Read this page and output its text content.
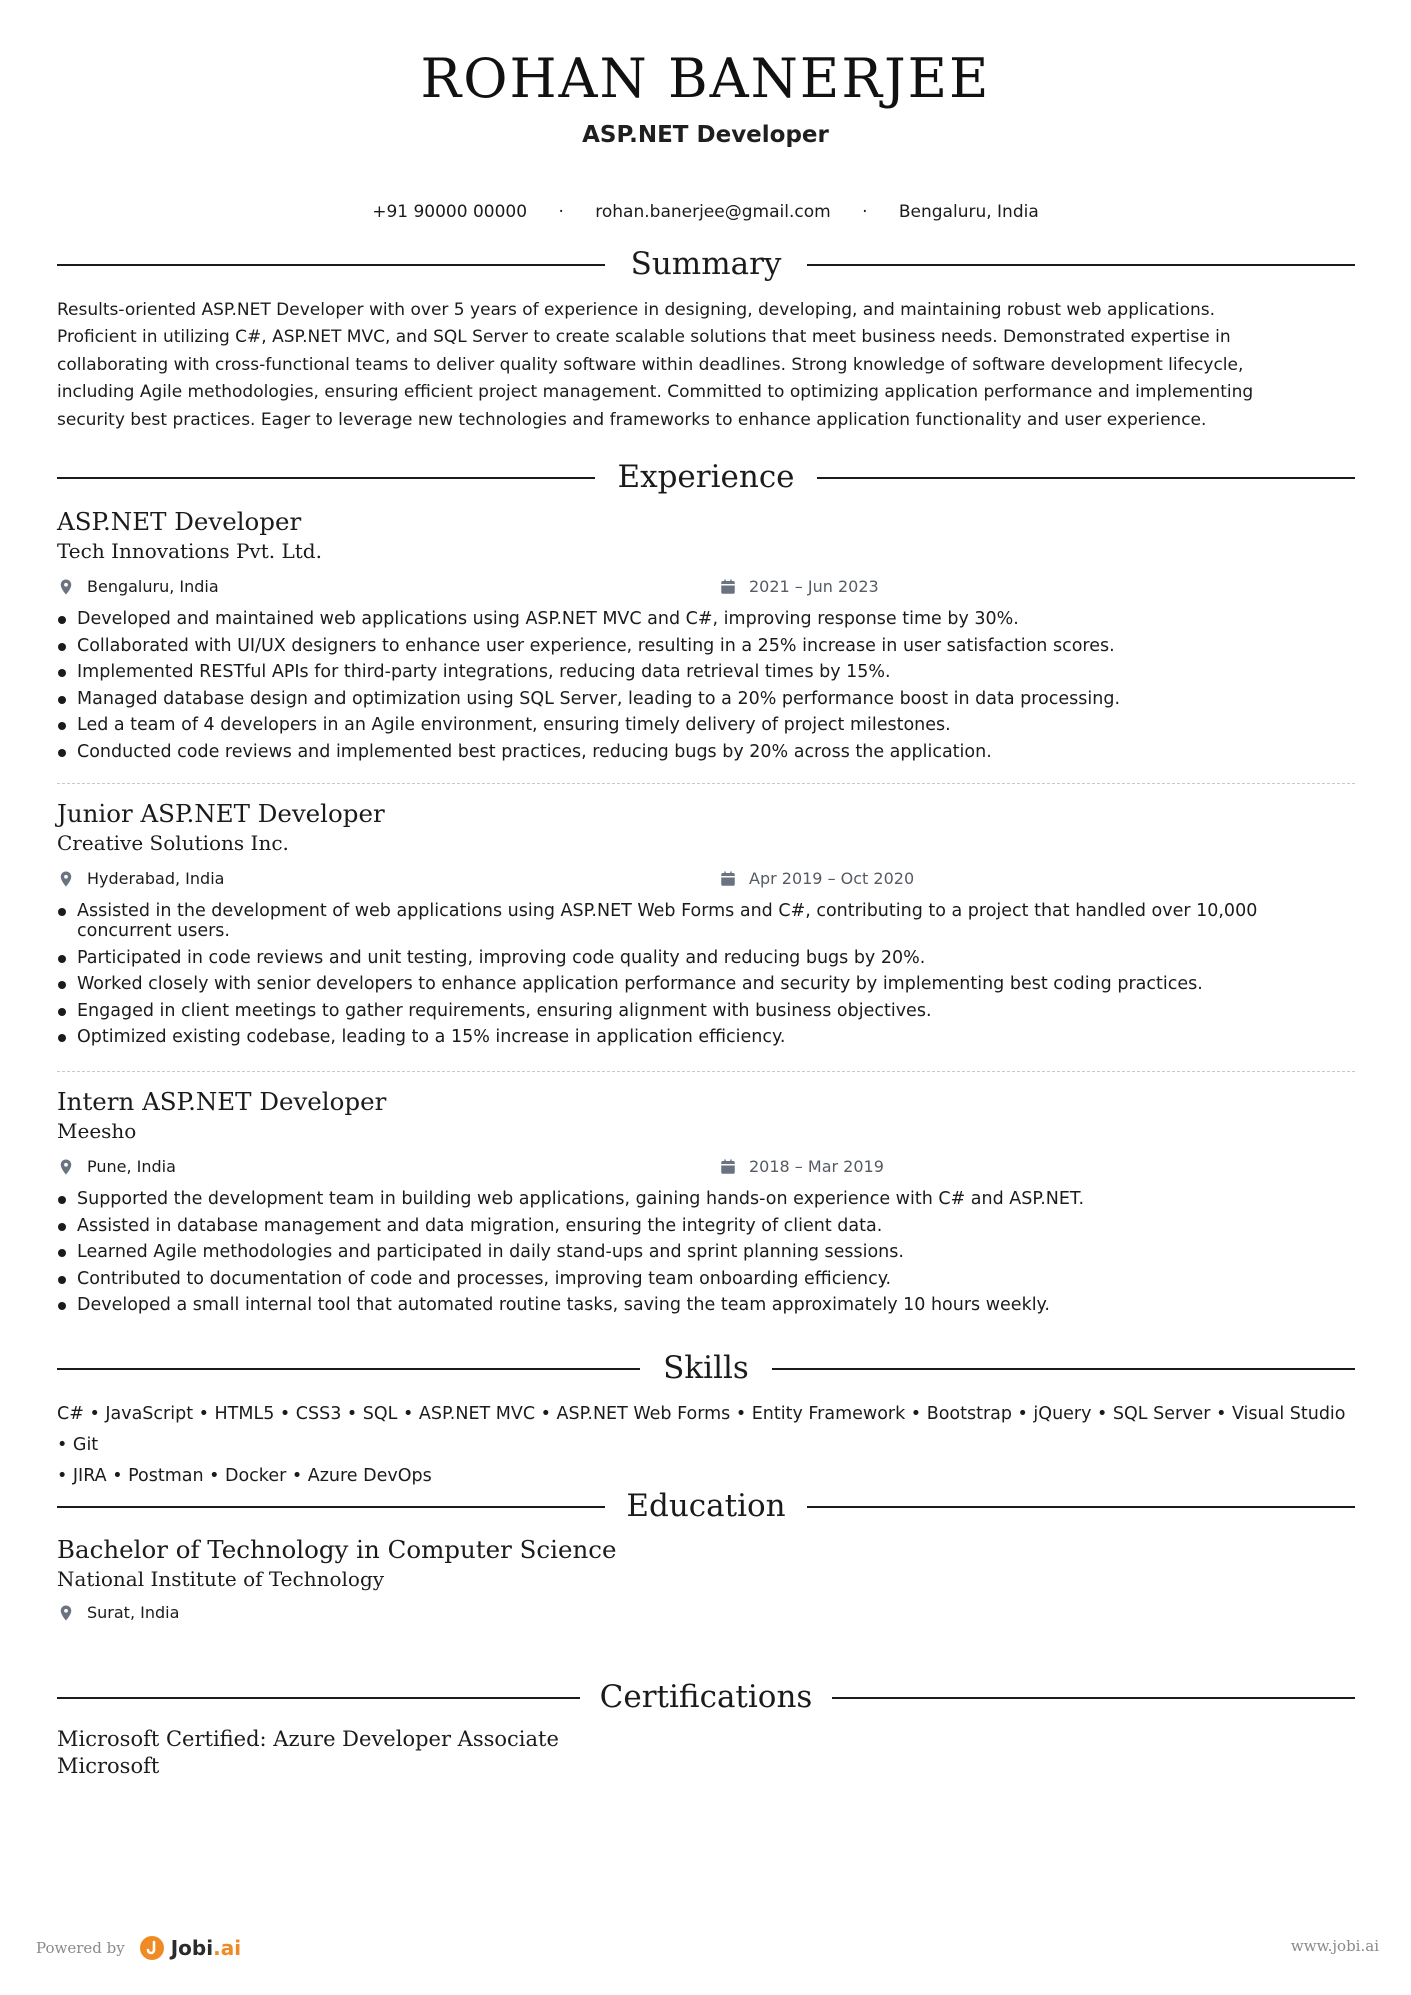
ROHAN BANERJEE
ASP.NET Developer
+91 90000 00000 · rohan.banerjee@gmail.com · Bengaluru, India
Summary
Results-oriented ASP.NET Developer with over 5 years of experience in designing, developing, and maintaining robust web applications.
Proficient in utilizing C#, ASP.NET MVC, and SQL Server to create scalable solutions that meet business needs. Demonstrated expertise in
collaborating with cross-functional teams to deliver quality software within deadlines. Strong knowledge of software development lifecycle,
including Agile methodologies, ensuring efficient project management. Committed to optimizing application performance and implementing
security best practices. Eager to leverage new technologies and frameworks to enhance application functionality and user experience.
Experience
ASP.NET Developer
Tech Innovations Pvt. Ltd.
Bengaluru, India	2021 – Jun 2023
Developed and maintained web applications using ASP.NET MVC and C#, improving response time by 30%.
Collaborated with UI/UX designers to enhance user experience, resulting in a 25% increase in user satisfaction scores.
Implemented RESTful APIs for third-party integrations, reducing data retrieval times by 15%.
Managed database design and optimization using SQL Server, leading to a 20% performance boost in data processing.
Led a team of 4 developers in an Agile environment, ensuring timely delivery of project milestones.
Conducted code reviews and implemented best practices, reducing bugs by 20% across the application.
Junior ASP.NET Developer
Creative Solutions Inc.
Hyderabad, India	Apr 2019 – Oct 2020
Assisted in the development of web applications using ASP.NET Web Forms and C#, contributing to a project that handled over 10,000 concurrent users.
Participated in code reviews and unit testing, improving code quality and reducing bugs by 20%.
Worked closely with senior developers to enhance application performance and security by implementing best coding practices.
Engaged in client meetings to gather requirements, ensuring alignment with business objectives.
Optimized existing codebase, leading to a 15% increase in application efficiency.
Intern ASP.NET Developer
Meesho
Pune, India	2018 – Mar 2019
Supported the development team in building web applications, gaining hands-on experience with C# and ASP.NET.
Assisted in database management and data migration, ensuring the integrity of client data.
Learned Agile methodologies and participated in daily stand-ups and sprint planning sessions.
Contributed to documentation of code and processes, improving team onboarding efficiency.
Developed a small internal tool that automated routine tasks, saving the team approximately 10 hours weekly.
Skills
C# • JavaScript • HTML5 • CSS3 • SQL • ASP.NET MVC • ASP.NET Web Forms • Entity Framework • Bootstrap • jQuery • SQL Server • Visual Studio • Git
• JIRA • Postman • Docker • Azure DevOps
Education
Bachelor of Technology in Computer Science
National Institute of Technology
Surat, India
Certifications
Microsoft Certified: Azure Developer Associate
Microsoft
Powered by Jobi.ai	www.jobi.ai
